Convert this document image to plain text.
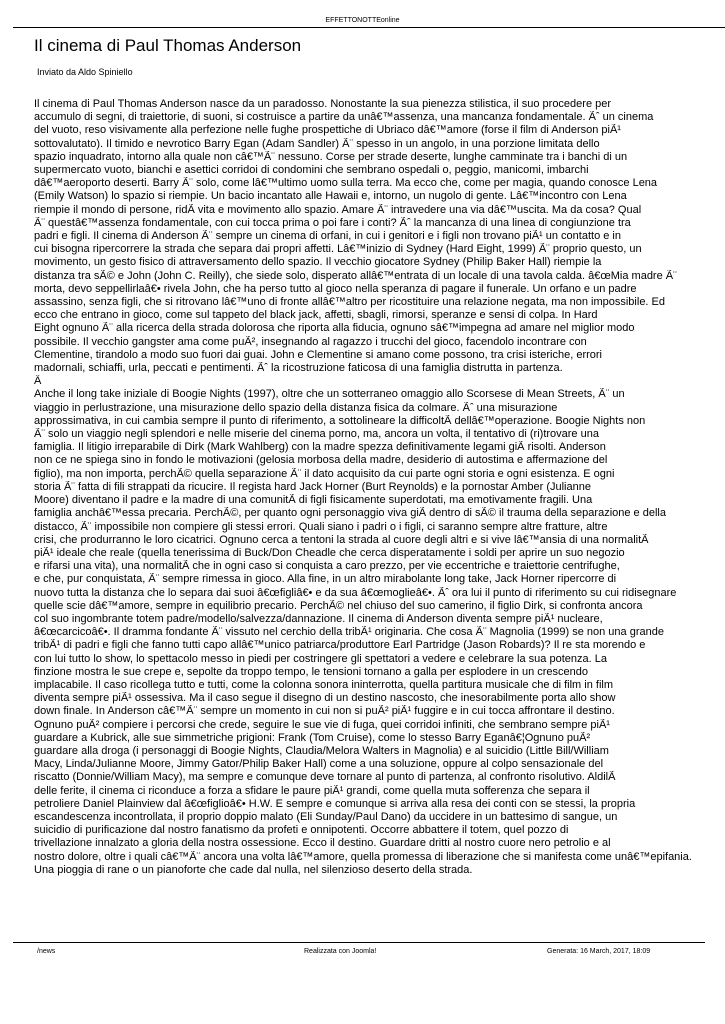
EFFETTONOTTEonline
Il cinema di Paul Thomas Anderson
Inviato da Aldo Spiniello
Il cinema di Paul Thomas Anderson nasce da un paradosso. Nonostante la sua pienezza stilistica, il suo procedere per
accumulo di segni, di traiettorie, di suoni, si costruisce a partire da unâ€™assenza, una mancanza fondamentale. Ãˆ un cinema
del vuoto, reso visivamente alla perfezione nelle fughe prospettiche di Ubriaco dâ€™amore (forse il film di Anderson piÃ¹
sottovalutato). Il timido e nevrotico Barry Egan (Adam Sandler) Ã¨ spesso in un angolo, in una porzione limitata dello
spazio inquadrato, intorno alla quale non câ€™Ã¨ nessuno. Corse per strade deserte, lunghe camminate tra i banchi di un
supermercato vuoto, bianchi e asettici corridoi di condomini che sembrano ospedali o, peggio, manicomi, imbarchi
dâ€™aeroporto deserti. Barry Ã¨ solo, come lâ€™ultimo uomo sulla terra. Ma ecco che, come per magia, quando conosce Lena
(Emily Watson) lo spazio si riempie. Un bacio incantato alle Hawaii e, intorno, un nugolo di gente. Lâ€™incontro con Lena
riempie il mondo di persone, ridÃ vita e movimento allo spazio. Amare Ã¨ intravedere una via dâ€™uscita. Ma da cosa? Qual
Ã¨ questâ€™assenza fondamentale, con cui tocca prima o poi fare i conti? Ãˆ la mancanza di una linea di congiunzione tra
padri e figli. Il cinema di Anderson Ã¨ sempre un cinema di orfani, in cui i genitori e i figli non trovano piÃ¹ un contatto e in
cui bisogna ripercorrere la strada che separa dai propri affetti. Lâ€™inizio di Sydney (Hard Eight, 1999) Ã¨ proprio questo, un
movimento, un gesto fisico di attraversamento dello spazio. Il vecchio giocatore Sydney (Philip Baker Hall) riempie la
distanza tra sÃ© e John (John C. Reilly), che siede solo, disperato allâ€™entrata di un locale di una tavola calda. â€œMia madre Ã¨
morta, devo seppellirlaâ€• rivela John, che ha perso tutto al gioco nella speranza di pagare il funerale. Un orfano e un padre
assassino, senza figli, che si ritrovano lâ€™uno di fronte allâ€™altro per ricostituire una relazione negata, ma non impossibile. Ed
ecco che entrano in gioco, come sul tappeto del black jack, affetti, sbagli, rimorsi, speranze e sensi di colpa. In Hard
Eight ognuno Ã¨ alla ricerca della strada dolorosa che riporta alla fiducia, ognuno sâ€™impegna ad amare nel miglior modo
possibile. Il vecchio gangster ama come puÃ², insegnando al ragazzo i trucchi del gioco, facendolo incontrare con
Clementine, tirandolo a modo suo fuori dai guai. John e Clementine si amano come possono, tra crisi isteriche, errori
madornali, schiaffi, urla, peccati e pentimenti. Ãˆ la ricostruzione faticosa di una famiglia distrutta in partenza.
Â
Anche il long take iniziale di Boogie Nights (1997), oltre che un sotterraneo omaggio allo Scorsese di Mean Streets, Ã¨ un
viaggio in perlustrazione, una misurazione dello spazio della distanza fisica da colmare. Ãˆ una misurazione
approssimativa, in cui cambia sempre il punto di riferimento, a sottolineare la difficoltÃ dellâ€™operazione. Boogie Nights non
Ã¨ solo un viaggio negli splendori e nelle miserie del cinema porno, ma, ancora un volta, il tentativo di (ri)trovare una
famiglia. Il litigio irreparabile di Dirk (Mark Wahlberg) con la madre spezza definitivamente legami giÃ risolti. Anderson
non ce ne spiega sino in fondo le motivazioni (gelosia morbosa della madre, desiderio di autostima e affermazione del
figlio), ma non importa, perchÃ© quella separazione Ã¨ il dato acquisito da cui parte ogni storia e ogni esistenza. E ogni
storia Ã¨ fatta di fili strappati da ricucire. Il regista hard Jack Horner (Burt Reynolds) e la pornostar Amber (Julianne
Moore) diventano il padre e la madre di una comunitÃ di figli fisicamente superdotati, ma emotivamente fragili. Una
famiglia anchâ€™essa precaria. PerchÃ©, per quanto ogni personaggio viva giÃ dentro di sÃ© il trauma della separazione e della
distacco, Ã¨ impossibile non compiere gli stessi errori. Quali siano i padri o i figli, ci saranno sempre altre fratture, altre
crisi, che produrranno le loro cicatrici. Ognuno cerca a tentoni la strada al cuore degli altri e si vive lâ€™ansia di una normalitÃ
piÃ¹ ideale che reale (quella tenerissima di Buck/Don Cheadle che cerca disperatamente i soldi per aprire un suo negozio
e rifarsi una vita), una normalitÃ che in ogni caso si conquista a caro prezzo, per vie eccentriche e traiettorie centrifughe,
e che, pur conquistata, Ã¨ sempre rimessa in gioco. Alla fine, in un altro mirabolante long take, Jack Horner ripercorre di
nuovo tutta la distanza che lo separa dai suoi â€œfigliâ€• e da sua â€œmoglieâ€•. Ãˆ ora lui il punto di riferimento su cui ridisegnare
quelle scie dâ€™amore, sempre in equilibrio precario. PerchÃ© nel chiuso del suo camerino, il figlio Dirk, si confronta ancora
col suo ingombrante totem padre/modello/salvezza/dannazione. Il cinema di Anderson diventa sempre piÃ¹ nucleare,
â€œcarcicoâ€•. Il dramma fondante Ã¨ vissuto nel cerchio della tribÃ¹ originaria. Che cosa Ã¨ Magnolia (1999) se non una grande
tribÃ¹ di padri e figli che fanno tutti capo allâ€™unico patriarca/produttore Earl Partridge (Jason Robards)? Il re sta morendo e
con lui tutto lo show, lo spettacolo messo in piedi per costringere gli spettatori a vedere e celebrare la sua potenza. La
finzione mostra le sue crepe e, sepolte da troppo tempo, le tensioni tornano a galla per esplodere in un crescendo
implacabile. Il caso ricollega tutto e tutti, come la colonna sonora ininterrotta, quella partitura musicale che di film in film
diventa sempre piÃ¹ ossessiva. Ma il caso segue il disegno di un destino nascosto, che inesorabilmente porta allo show
down finale. In Anderson câ€™Ã¨ sempre un momento in cui non si puÃ² piÃ¹ fuggire e in cui tocca affrontare il destino.
Ognuno puÃ² compiere i percorsi che crede, seguire le sue vie di fuga, quei corridoi infiniti, che sembrano sempre piÃ¹
guardare a Kubrick, alle sue simmetriche prigioni: Frank (Tom Cruise), come lo stesso Barry Eganâ€¦Ognuno puÃ²
guardare alla droga (i personaggi di Boogie Nights, Claudia/Melora Walters in Magnolia) e al suicidio (Little Bill/William
Macy, Linda/Julianne Moore, Jimmy Gator/Philip Baker Hall) come a una soluzione, oppure al colpo sensazionale del
riscatto (Donnie/William Macy), ma sempre e comunque deve tornare al punto di partenza, al confronto risolutivo. AldilÃ
delle ferite, il cinema ci riconduce a forza a sfidare le paure piÃ¹ grandi, come quella muta sofferenza che separa il
petroliere Daniel Plainview dal â€œfiglioâ€• H.W. E sempre e comunque si arriva alla resa dei conti con se stessi, la propria
escandescenza incontrollata, il proprio doppio malato (Eli Sunday/Paul Dano) da uccidere in un battesimo di sangue, un
suicidio di purificazione dal nostro fanatismo da profeti e onnipotenti. Occorre abbattere il totem, quel pozzo di
trivellazione innalzato a gloria della nostra ossessione. Ecco il destino. Guardare dritti al nostro cuore nero petrolio e al
nostro dolore, oltre i quali câ€™Ã¨ ancora una volta lâ€™amore, quella promessa di liberazione che si manifesta come unâ€™epifania.
Una pioggia di rane o un pianoforte che cade dal nulla, nel silenzioso deserto della strada.
/news	Realizzata con Joomla!	Generata: 16 March, 2017, 18:09
